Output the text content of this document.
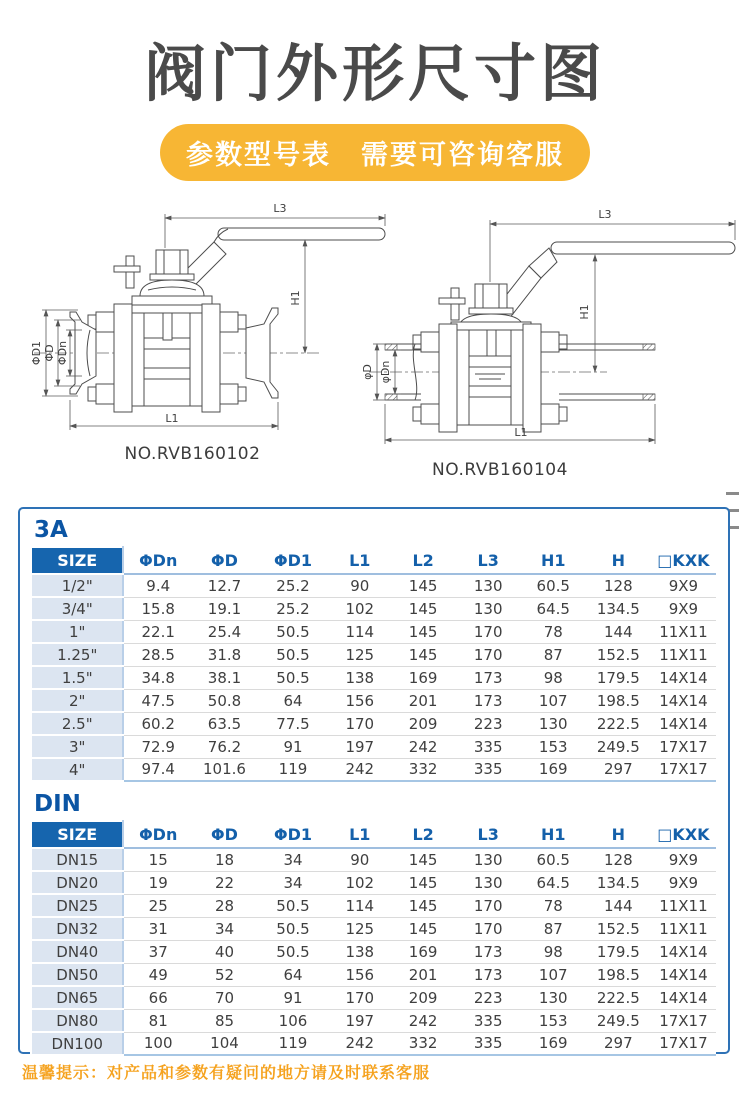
阀门外形尺寸图
参数型号表 需要可咨询客服
L3
H1
ΦD1 ΦD ΦDn
L1
NO.RVB160102
L3
H1
φD φDn
L1
NO.RVB160104
3A
SIZE	ΦDn	ΦD	ΦD1	L1	L2	L3	H1	H	□KXK
1/2"	9.4	12.7	25.2	90	145	130	60.5	128	9X9
3/4"	15.8	19.1	25.2	102	145	130	64.5	134.5	9X9
1"	22.1	25.4	50.5	114	145	170	78	144	11X11
1.25"	28.5	31.8	50.5	125	145	170	87	152.5	11X11
1.5"	34.8	38.1	50.5	138	169	173	98	179.5	14X14
2"	47.5	50.8	64	156	201	173	107	198.5	14X14
2.5"	60.2	63.5	77.5	170	209	223	130	222.5	14X14
3"	72.9	76.2	91	197	242	335	153	249.5	17X17
4"	97.4	101.6	119	242	332	335	169	297	17X17
DIN
SIZE	ΦDn	ΦD	ΦD1	L1	L2	L3	H1	H	□KXK
DN15	15	18	34	90	145	130	60.5	128	9X9
DN20	19	22	34	102	145	130	64.5	134.5	9X9
DN25	25	28	50.5	114	145	170	78	144	11X11
DN32	31	34	50.5	125	145	170	87	152.5	11X11
DN40	37	40	50.5	138	169	173	98	179.5	14X14
DN50	49	52	64	156	201	173	107	198.5	14X14
DN65	66	70	91	170	209	223	130	222.5	14X14
DN80	81	85	106	197	242	335	153	249.5	17X17
DN100	100	104	119	242	332	335	169	297	17X17
温馨提示：对产品和参数有疑问的地方请及时联系客服
